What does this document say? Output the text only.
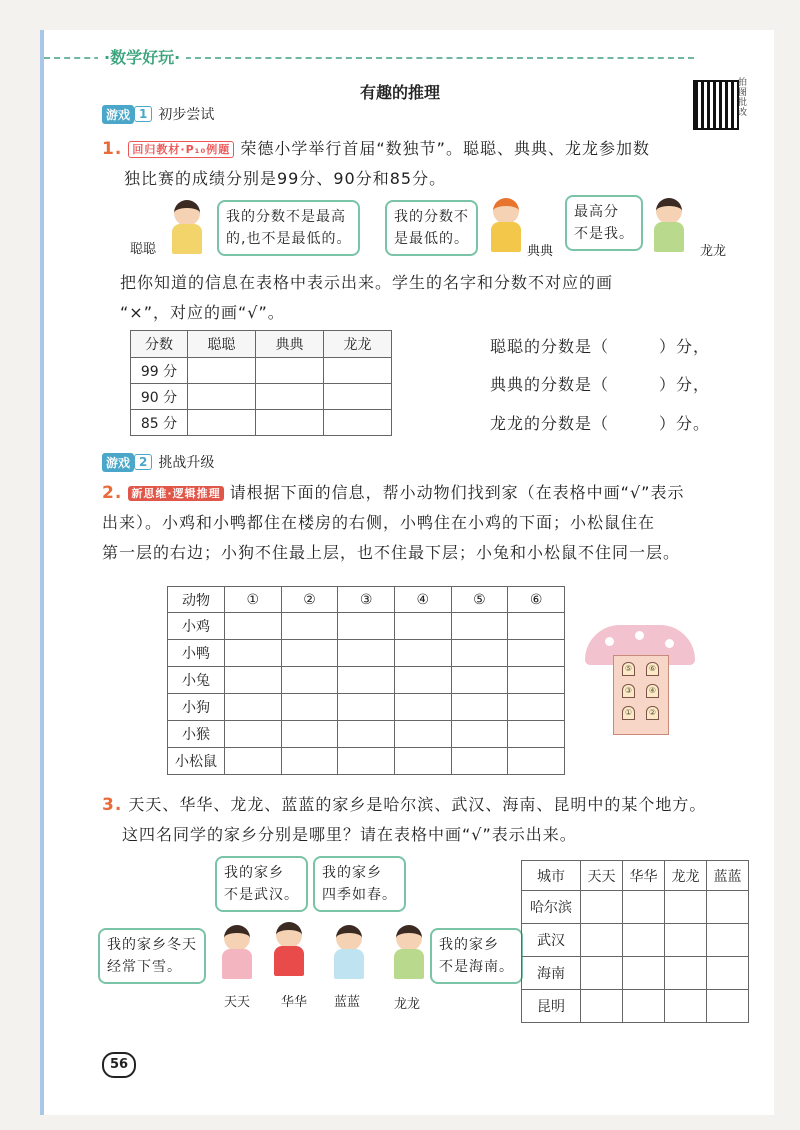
·数学好玩·
有趣的推理	拍图批改
游戏 1 初步尝试
1. 回归教材·P₁₀例题 荣德小学举行首届“数独节”。聪聪、典典、龙龙参加数
独比赛的成绩分别是99分、90分和85分。
聪聪
我的分数不是最高
的,也不是最低的。
我的分数不
是最低的。
典典
最高分
不是我。
龙龙
把你知道的信息在表格中表示出来。学生的名字和分数不对应的画
“×”，对应的画“√”。
分数	聪聪	典典	龙龙
99 分			
90 分			
85 分			
聪聪的分数是（	）分，
典典的分数是（	）分，
龙龙的分数是（	）分。
游戏 2 挑战升级
2. 新思维·逻辑推理 请根据下面的信息，帮小动物们找到家（在表格中画“√”表示
出来）。小鸡和小鸭都住在楼房的右侧，小鸭住在小鸡的下面；小松鼠住在
第一层的右边；小狗不住最上层，也不住最下层；小兔和小松鼠不住同一层。
动物	①	②	③	④	⑤	⑥
小鸡						
小鸭						
小兔						
小狗						
小猴						
小松鼠						
⑤	⑥
③	④
①	②
3. 天天、华华、龙龙、蓝蓝的家乡是哈尔滨、武汉、海南、昆明中的某个地方。
这四名同学的家乡分别是哪里？请在表格中画“√”表示出来。
我的家乡
不是武汉。
我的家乡
四季如春。
我的家乡冬天
经常下雪。
我的家乡
不是海南。
天天 华华 蓝蓝	龙龙
城市	天天	华华	龙龙	蓝蓝
哈尔滨				
武汉				
海南				
昆明				
56
